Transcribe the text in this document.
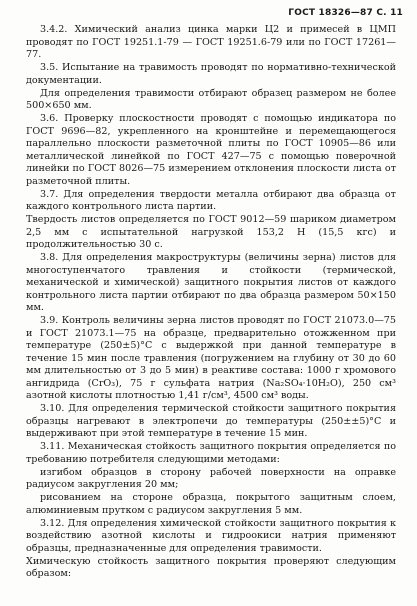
ГОСТ 18326—87 С. 11

3.4.2. Химический анализ цинка марки Ц2 и примесей в ЦМП проводят по ГОСТ 19251.1-79 — ГОСТ 19251.6-79 или по ГОСТ 17261—77.

3.5. Испытание на травимость проводят по нормативно-технической документации.

Для определения травимости отбирают образец размером не более 500×650 мм.

3.6. Проверку плоскостности проводят с помощью индикатора по ГОСТ 9696—82, укрепленного на кронштейне и перемещающегося параллельно плоскости разметочной плиты по ГОСТ 10905—86 или металлической линейкой по ГОСТ 427—75 с помощью поверочной линейки по ГОСТ 8026—75 измерением отклонения плоскости листа от разметочной плиты.

3.7. Для определения твердости металла отбирают два образца от каждого контрольного листа партии.

Твердость листов определяется по ГОСТ 9012—59 шариком диаметром 2,5 мм с испытательной нагрузкой 153,2 Н (15,5 кгс) и продолжительностью 30 с.

3.8. Для определения макроструктуры (величины зерна) листов для многоступенчатого травления и стойкости (термической, механической и химической) защитного покрытия листов от каждого контрольного листа партии отбирают по два образца размером 50×150 мм.

3.9. Контроль величины зерна листов проводят по ГОСТ 21073.0—75 и ГОСТ 21073.1—75 на образце, предварительно отожженном при температуре (250±5)°С с выдержкой при данной температуре в течение 15 мин после травления (погружением на глубину от 30 до 60 мм длительностью от 3 до 5 мин) в реактиве состава: 1000 г хромового ангидрида (CrO₃), 75 г сульфата натрия (Na₂SO₄·10H₂O), 250 см³ азотной кислоты плотностью 1,41 г/см³, 4500 см³ воды.

3.10. Для определения термической стойкости защитного покрытия образцы нагревают в электропечи до температуры (250±±5)°С и выдерживают при этой температуре в течение 15 мин.

3.11. Механическая стойкость защитного покрытия определяется по требованию потребителя следующими методами:

изгибом образцов в сторону рабочей поверхности на оправке радиусом закругления 20 мм;

рисованием на стороне образца, покрытого защитным слоем, алюминиевым прутком с радиусом закругления 5 мм.

3.12. Для определения химической стойкости защитного покрытия к воздействию азотной кислоты и гидроокиси натрия применяют образцы, предназначенные для определения травимости.

Химическую стойкость защитного покрытия проверяют следующим образом:
